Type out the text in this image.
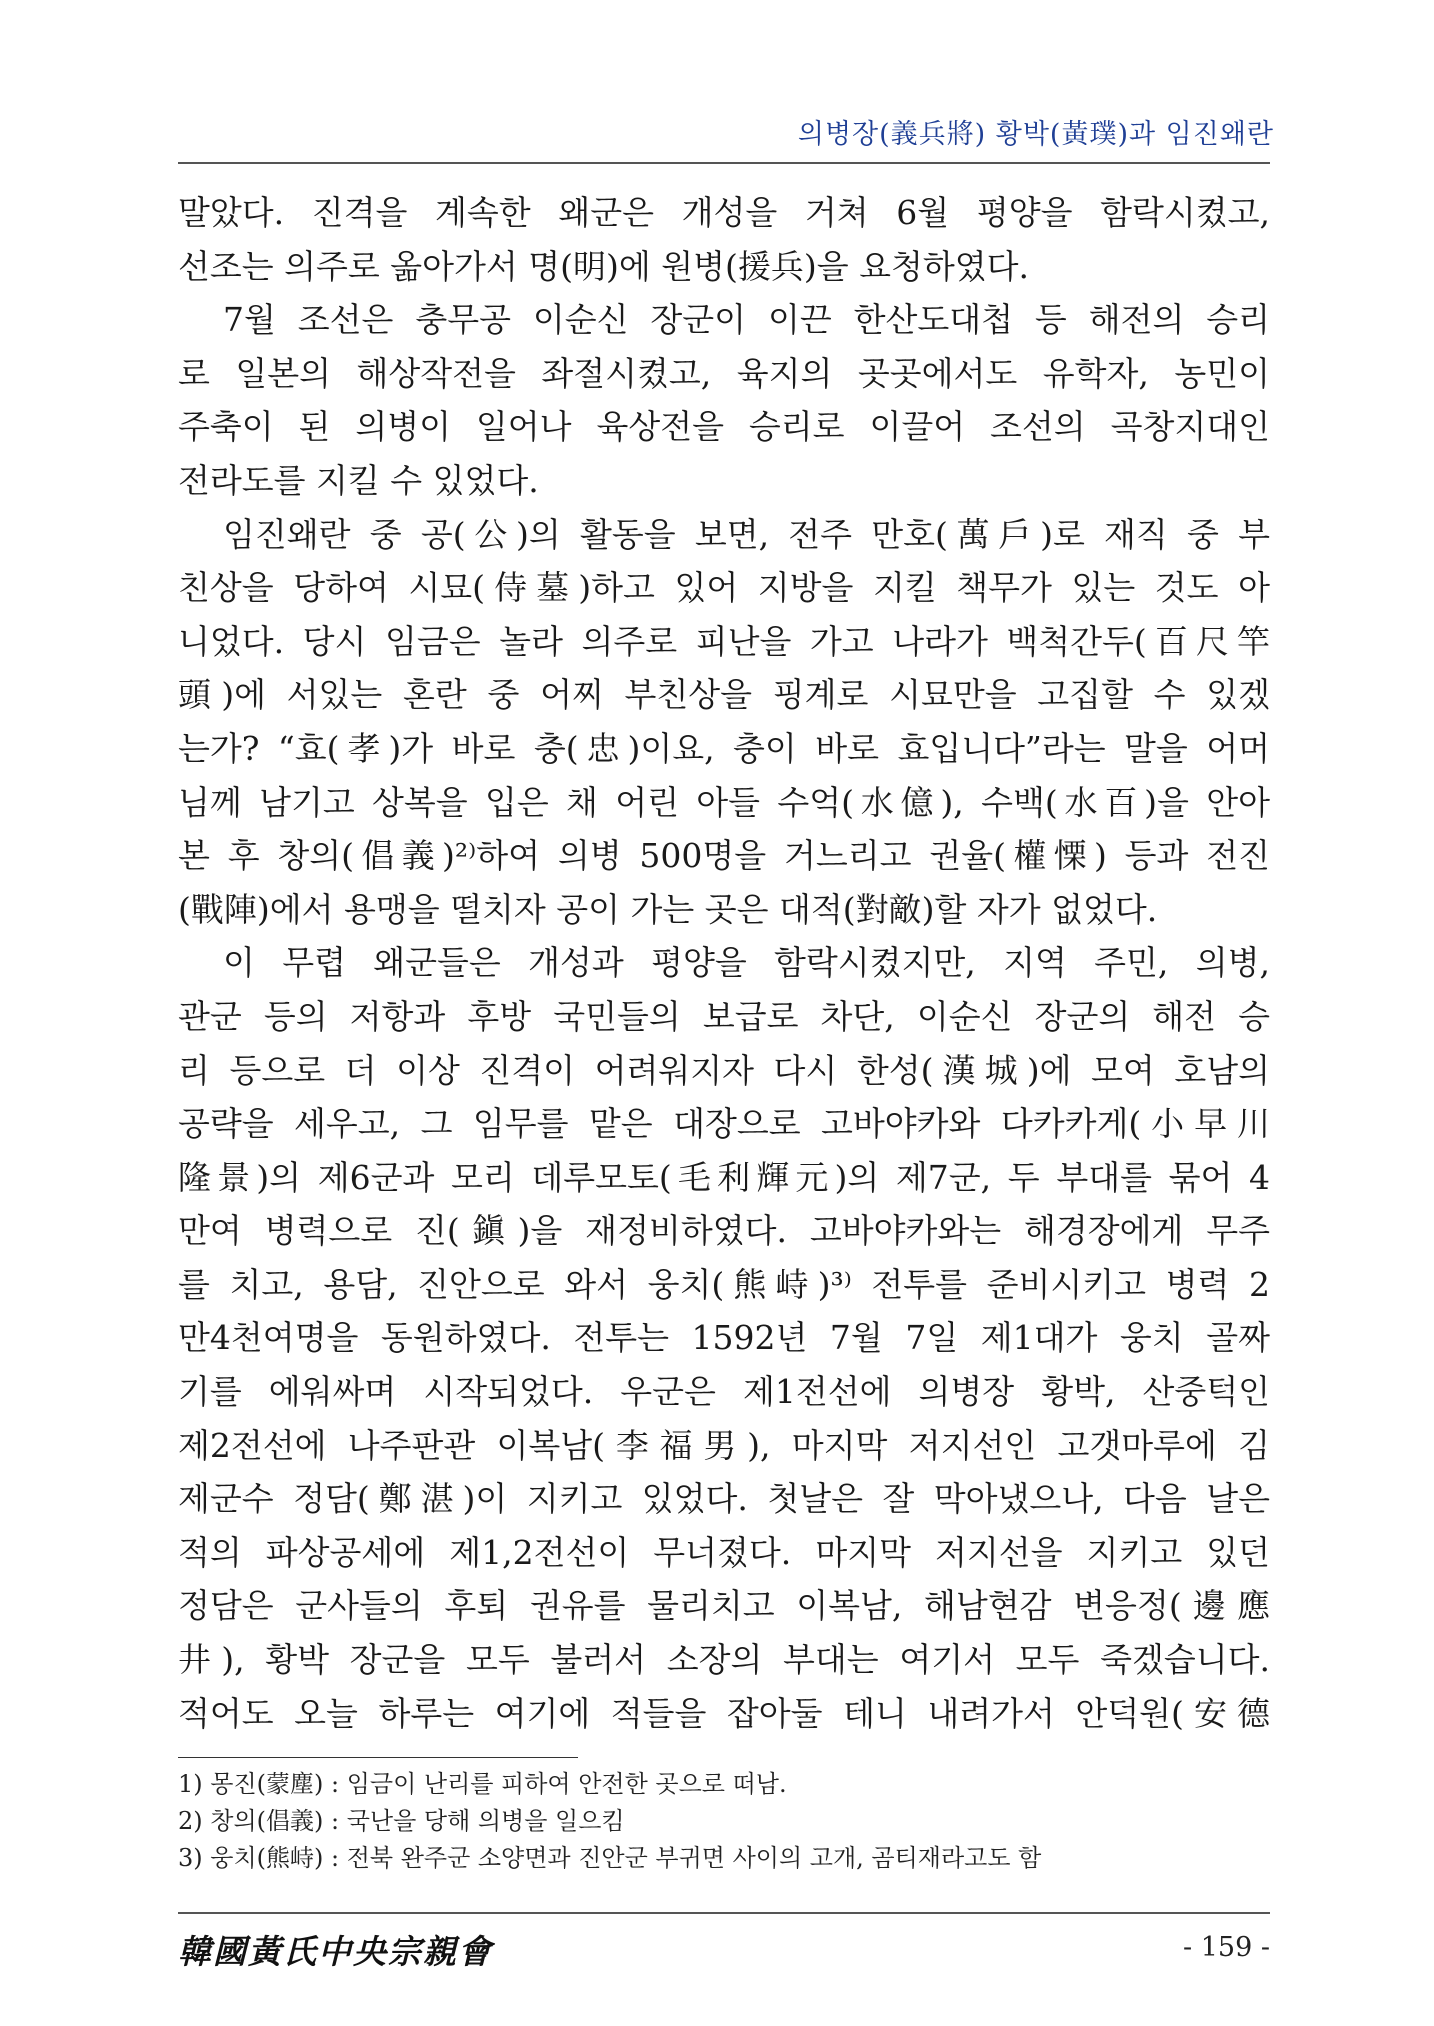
의병장(義兵將) 황박(黃璞)과 임진왜란
말았다. 진격을 계속한 왜군은 개성을 거쳐 6월 평양을 함락시켰고,
선조는 의주로 옮아가서 명(明)에 원병(援兵)을 요청하였다.
7월 조선은 충무공 이순신 장군이 이끈 한산도대첩 등 해전의 승리
로 일본의 해상작전을 좌절시켰고, 육지의 곳곳에서도 유학자, 농민이
주축이 된 의병이 일어나 육상전을 승리로 이끌어 조선의 곡창지대인
전라도를 지킬 수 있었다.
임진왜란 중 공(公)의 활동을 보면, 전주 만호(萬戶)로 재직 중 부
친상을 당하여 시묘(侍墓)하고 있어 지방을 지킬 책무가 있는 것도 아
니었다. 당시 임금은 놀라 의주로 피난을 가고 나라가 백척간두(百尺竿
頭)에 서있는 혼란 중 어찌 부친상을 핑계로 시묘만을 고집할 수 있겠
는가? “효(孝)가 바로 충(忠)이요, 충이 바로 효입니다”라는 말을 어머
님께 남기고 상복을 입은 채 어린 아들 수억(水億), 수백(水百)을 안아
본 후 창의(倡義)²⁾하여 의병 500명을 거느리고 권율(權慄) 등과 전진
(戰陣)에서 용맹을 떨치자 공이 가는 곳은 대적(對敵)할 자가 없었다.
이 무렵 왜군들은 개성과 평양을 함락시켰지만, 지역 주민, 의병,
관군 등의 저항과 후방 국민들의 보급로 차단, 이순신 장군의 해전 승
리 등으로 더 이상 진격이 어려워지자 다시 한성(漢城)에 모여 호남의
공략을 세우고, 그 임무를 맡은 대장으로 고바야카와 다카카게(小早川
隆景)의 제6군과 모리 데루모토(毛利輝元)의 제7군, 두 부대를 묶어 4
만여 병력으로 진(鎭)을 재정비하였다. 고바야카와는 해경장에게 무주
를 치고, 용담, 진안으로 와서 웅치(熊峙)³⁾ 전투를 준비시키고 병력 2
만4천여명을 동원하였다. 전투는 1592년 7월 7일 제1대가 웅치 골짜
기를 에워싸며 시작되었다. 우군은 제1전선에 의병장 황박, 산중턱인
제2전선에 나주판관 이복남(李福男), 마지막 저지선인 고갯마루에 김
제군수 정담(鄭湛)이 지키고 있었다. 첫날은 잘 막아냈으나, 다음 날은
적의 파상공세에 제1,2전선이 무너졌다. 마지막 저지선을 지키고 있던
정담은 군사들의 후퇴 권유를 물리치고 이복남, 해남현감 변응정(邊應
井), 황박 장군을 모두 불러서 소장의 부대는 여기서 모두 죽겠습니다.
적어도 오늘 하루는 여기에 적들을 잡아둘 테니 내려가서 안덕원(安德
1) 몽진(蒙塵) : 임금이 난리를 피하여 안전한 곳으로 떠남.
2) 창의(倡義) : 국난을 당해 의병을 일으킴
3) 웅치(熊峙) : 전북 완주군 소양면과 진안군 부귀면 사이의 고개, 곰티재라고도 함
韓國黃氏中央宗親會	- 159 -
